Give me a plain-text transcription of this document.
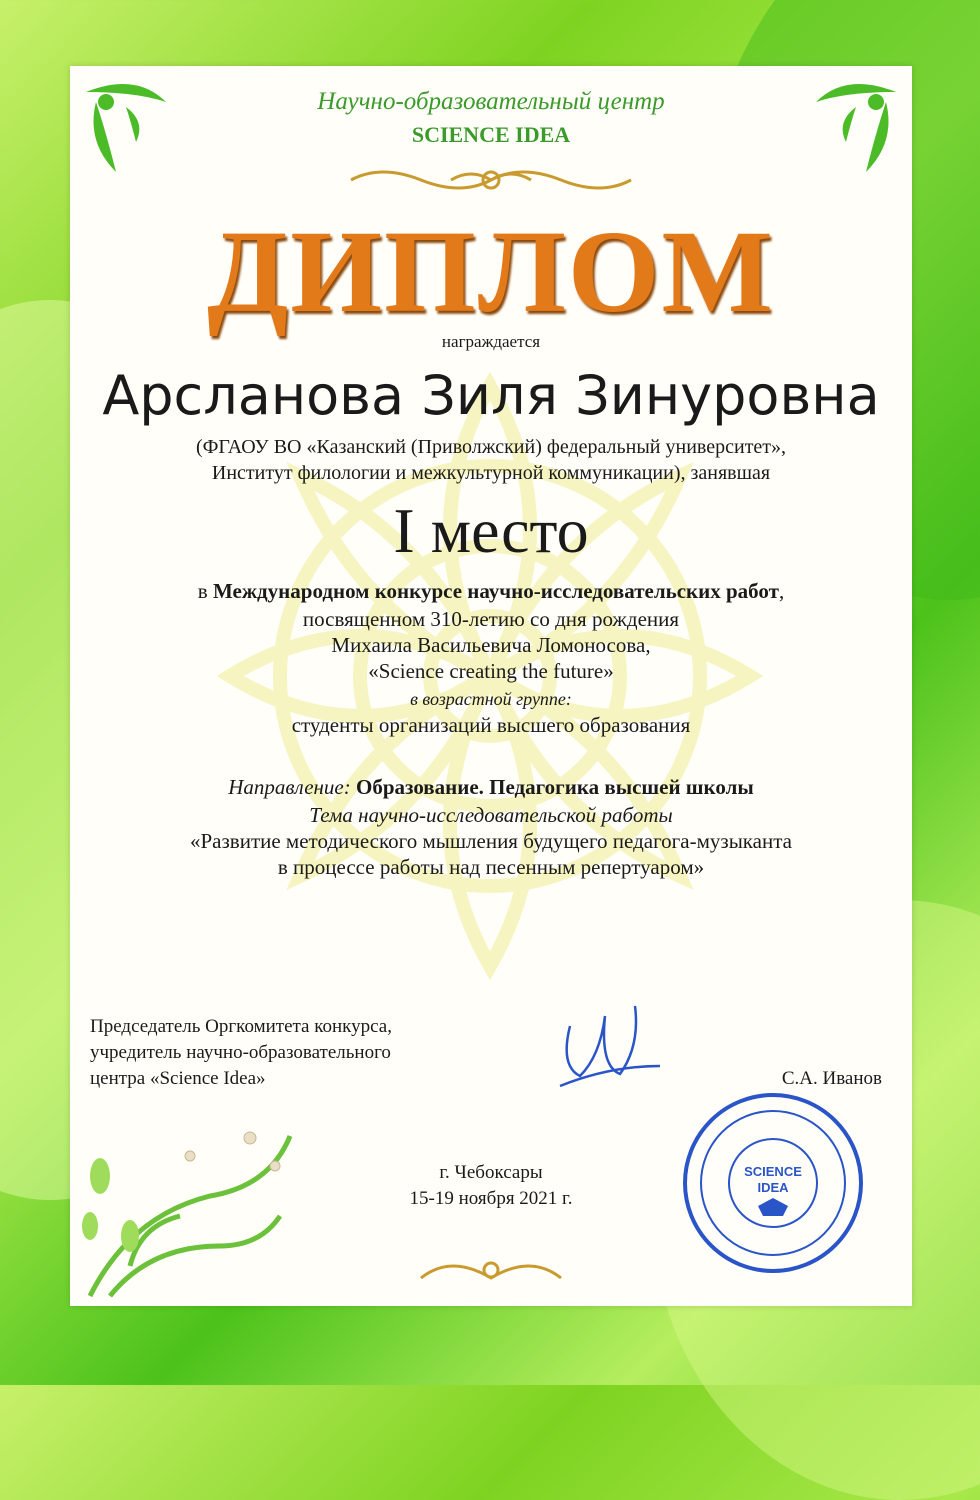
Научно-образовательный центр
SCIENCE IDEA
ДИПЛОМ
награждается
Арсланова Зиля Зинуровна
(ФГАОУ ВО «Казанский (Приволжский) федеральный университет»,
Институт филологии и межкультурной коммуникации), занявшая
I место
в Международном конкурсе научно-исследовательских работ,
посвященном 310-летию со дня рождения
Михаила Васильевича Ломоносова,
«Science creating the future»
в возрастной группе:
студенты организаций высшего образования
Направление: Образование. Педагогика высшей школы
Тема научно-исследовательской работы
«Развитие методического мышления будущего педагога-музыканта
в процессе работы над песенным репертуаром»
Председатель Оргкомитета конкурса,
учредитель научно-образовательного
центра «Science Idea»	С.А. Иванов
г. Чебоксары
15-19 ноября 2021 г.
SCIENCE
IDEA
